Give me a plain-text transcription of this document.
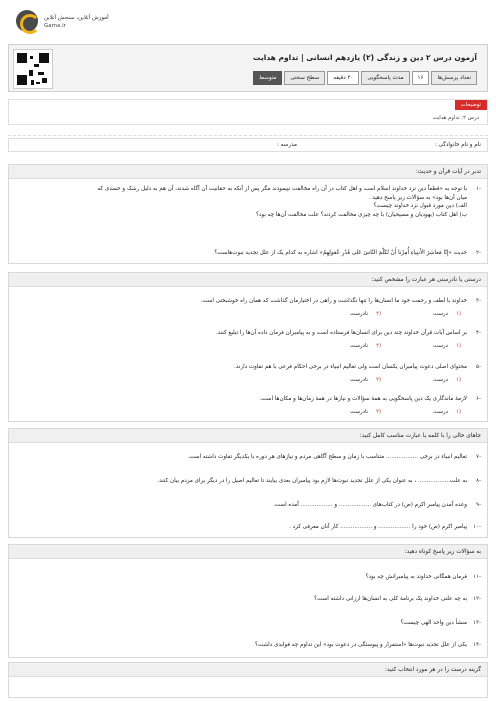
آموزش آنلاین، سنجش آنلاین
Gama.ir
آزمون درس ۲ دین و زندگی (۲) یازدهم انسانی | تداوم هدایت
تعداد پرسش‌ها
۱۶
مدت پاسخگویی
۲۰ دقیقه
سطح سختی
متوسط
توضیحات
درس ۲: تداوم هدایت
نام و نام خانوادگی :
مدرسه :
تدبر در آیات قرآن و حدیث:
-۱
با توجه به «قطعاً دین نزد خداوند اسلام است و اهل کتاب در آن راه مخالفت نپیمودند مگر پس از آنکه به حقانیت آن آگاه شدند، آن هم به دلیل رشک و حسدی که
میان آن‌ها بود» به سؤالات زیر پاسخ دهید .
الف) دین مورد قبول نزد خداوند چیست؟
ب) اهل کتاب (یهودیان و مسیحیان) با چه چیزی مخالفت کردند؟ علت مخالفت آن‌ها چه بود؟
-۲
حدیث «إِنّا مَعاشِرَ الأَنبِیاءِ أُمِرْنا أَنْ نُكَلِّمَ النّاسَ عَلی قَدْرِ عُقولِهِمْ» اشاره به کدام یک از علل تجدید نبوت‌هاست؟
درستی یا نادرستی هر عبارت را مشخص کنید:
-۳
خداوند با لطف و رحمت خود ما انسان‌ها را تنها نگذاشت و راهی در اختیارمان گذاشت که همان راه خوشبختی است.
(۱
درست
(۲
نادرست
-۴
بر اساس آیات قرآن خداوند چند دین برای انسان‌ها فرستاده است و به پیامبران فرمان داده آن‌ها را تبلیغ کنند.
(۱
درست
(۲
نادرست
-۵
محتوای اصلی دعوت پیامبران یکسان است ولی تعالیم انبیاء در برخی احکام فرعی با هم تفاوت دارند.
(۱
درست
(۲
نادرست
-۶
لازمهٔ ماندگاری یک دین پاسخگویی به همهٔ سؤالات و نیازها در همهٔ زمان‌ها و مکان‌ها است.
(۱
درست
(۲
نادرست
جاهای خالی را با کلمه یا عبارت مناسب کامل کنید:
-۷
تعالیم انبیاء در برخی .................. متناسب با زمان و سطح آگاهی مردم و نیازهای هر دوره با یکدیگر تفاوت داشته است.
-۸
به علت.................. ، به عنوان یکی از علل تجدید نبوت‌ها لازم بود پیامبران بعدی بیایند تا تعالیم اصیل را در دیگر برای مردم بیان کنند.
-۹
وعده آمدن پیامبر اکرم (ص) در کتاب‌های .................. و .................. آمده است.
-۱۰
پیامبر اکرم (ص) خود را .................. و .................. کار آنان معرفی کرد .
به سؤالات زیر پاسخ کوتاه دهید:
-۱۱
فرمان همگانی خداوند به پیامبرانش چه بود؟
-۱۲
به چه علتی خداوند یک برنامهٔ کلی به انسان‌ها ارزانی داشته است؟
-۱۳
منشأ دین واحد الهی چیست؟
-۱۴
یکی از علل تجدید نبوت‌ها «استمرار و پیوستگی در دعوت بود» این تداوم چه فوایدی داشت؟
گزینه درست را در هر مورد انتخاب کنید:
